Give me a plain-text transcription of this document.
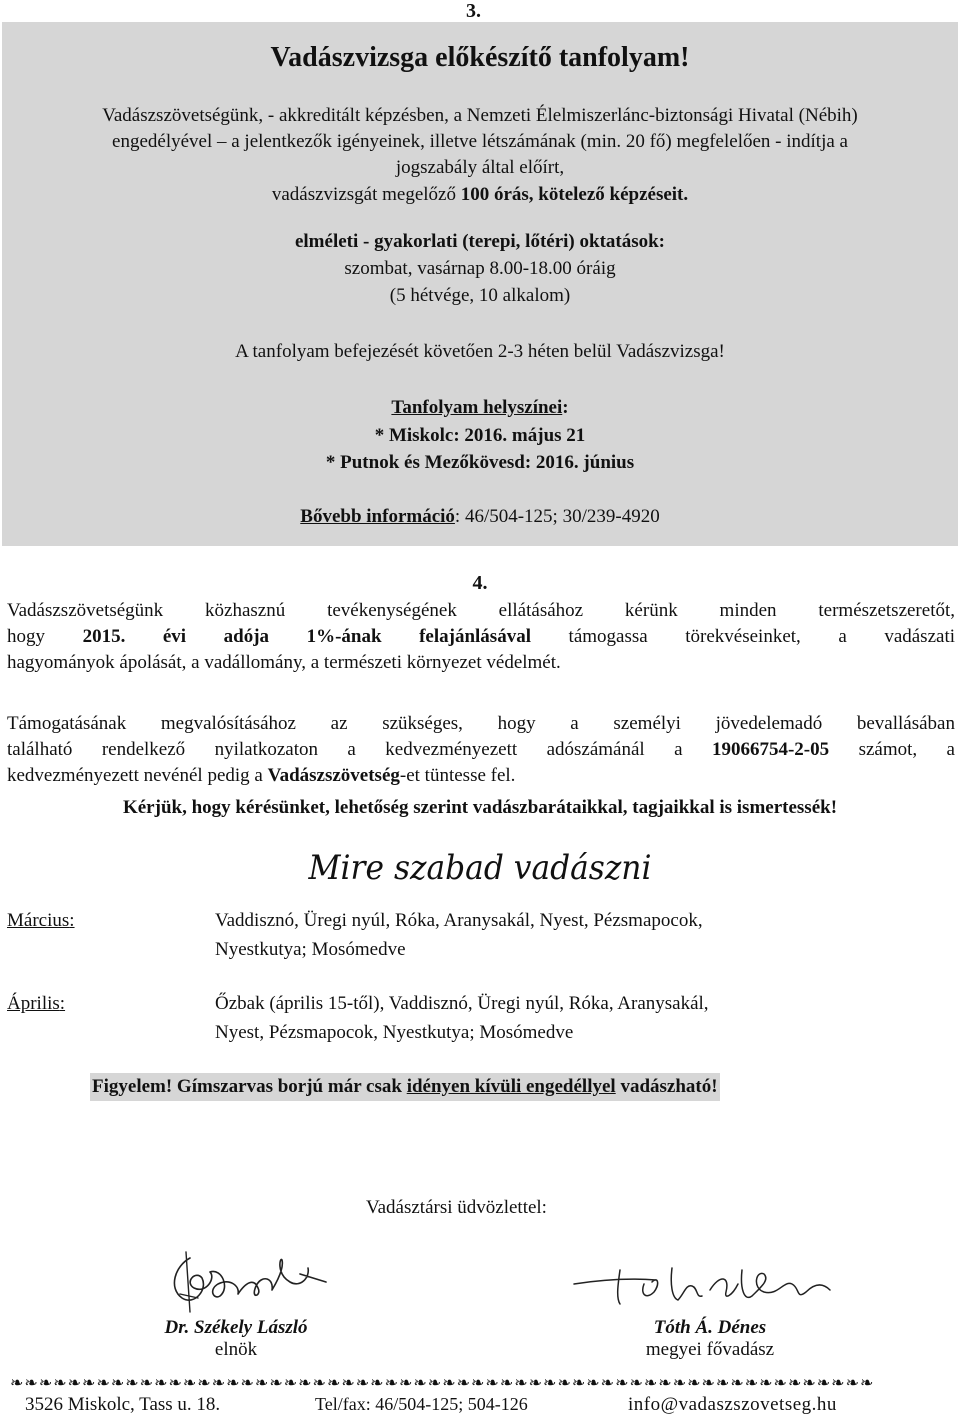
3.
Vadászvizsga előkészítő tanfolyam!
Vadászszövetségünk, - akkreditált képzésben, a Nemzeti Élelmiszerlánc-biztonsági Hivatal (Nébih)
engedélyével – a jelentkezők igényeinek, illetve létszámának (min. 20 fő) megfelelően - indítja a
jogszabály által előírt,
vadászvizsgát megelőző 100 órás, kötelező képzéseit.
elméleti - gyakorlati (terepi, lőtéri) oktatások:
szombat, vasárnap 8.00-18.00 óráig
(5 hétvége, 10 alkalom)
A tanfolyam befejezését követően 2-3 héten belül Vadászvizsga!
Tanfolyam helyszínei:
* Miskolc: 2016. május 21
* Putnok és Mezőkövesd: 2016. június
Bővebb információ: 46/504-125; 30/239-4920
4.
Vadászszövetségünk közhasznú tevékenységének ellátásához kérünk minden természetszeretőt,
hogy 2015. évi adója 1%-ának felajánlásával támogassa törekvéseinket, a vadászati
hagyományok ápolását, a vadállomány, a természeti környezet védelmét.
Támogatásának megvalósításához az szükséges, hogy a személyi jövedelemadó bevallásában
található rendelkező nyilatkozaton a kedvezményezett adószámánál a 19066754-2-05 számot, a
kedvezményezett nevénél pedig a Vadászszövetség-et tüntesse fel.
Kérjük, hogy kérésünket, lehetőség szerint vadászbarátaikkal, tagjaikkal is ismertessék!
Mire szabad vadászni
Március:	Vaddisznó, Üregi nyúl, Róka, Aranysakál, Nyest, Pézsmapocok,
Nyestkutya; Mosómedve
Április:	Őzbak (április 15-től), Vaddisznó, Üregi nyúl, Róka, Aranysakál,
Nyest, Pézsmapocok, Nyestkutya; Mosómedve
Figyelem! Gímszarvas borjú már csak idényen kívüli engedéllyel vadászható!
Vadásztársi üdvözlettel:
Dr. Székely László
elnök
Tóth Á. Dénes
megyei fővadász
❧❧❧❧❧❧❧❧❧❧❧❧❧❧❧❧❧❧❧❧❧❧❧❧❧❧❧❧❧❧❧❧❧❧❧❧❧❧❧❧❧❧❧❧❧❧❧❧❧❧❧❧❧❧❧❧❧❧❧❧
3526 Miskolc, Tass u. 18.	Tel/fax: 46/504-125; 504-126	info@vadaszszovetseg.hu
